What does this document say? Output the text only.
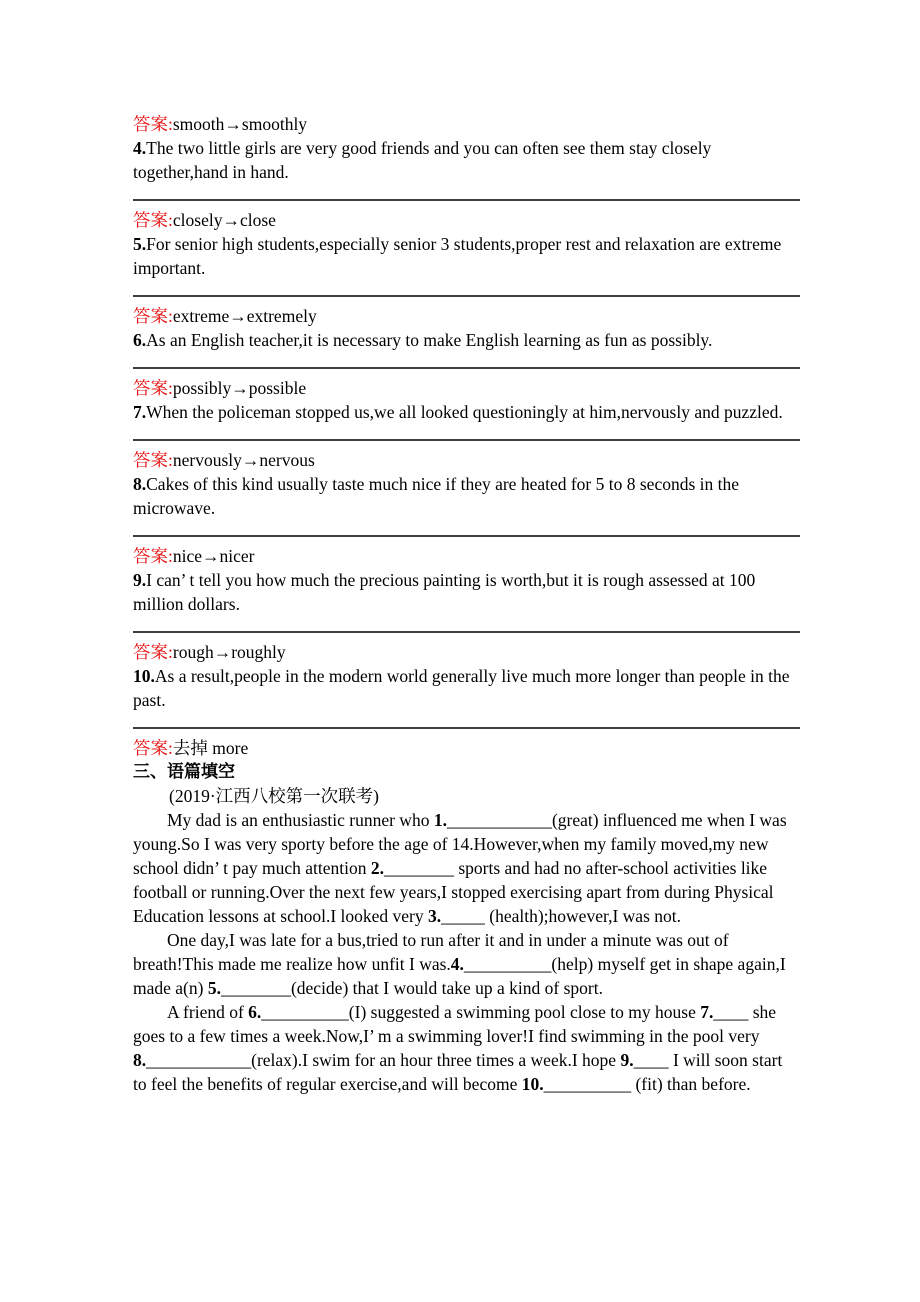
答案:smooth→smoothly

4.The two little girls are very good friends and you can often see them stay closely together,hand in hand.

答案:closely→close

5.For senior high students,especially senior 3 students,proper rest and relaxation are extreme important.

答案:extreme→extremely

6.As an English teacher,it is necessary to make English learning as fun as possibly.

答案:possibly→possible

7.When the policeman stopped us,we all looked questioningly at him,nervously and puzzled.

答案:nervously→nervous

8.Cakes of this kind usually taste much nice if they are heated for 5 to 8 seconds in the microwave.

答案:nice→nicer

9.I can’ t tell you how much the precious painting is worth,but it is rough assessed at 100 million dollars.

答案:rough→roughly

10.As a result,people in the modern world generally live much more longer than people in the past.

答案:去掉 more

三、语篇填空

(2019·江西八校第一次联考)

My dad is an enthusiastic runner who 1.____________(great) influenced me when I was young.So I was very sporty before the age of 14.However,when my family moved,my new school didn’ t pay much attention 2.________ sports and had no after-school activities like football or running.Over the next few years,I stopped exercising apart from during Physical Education lessons at school.I looked very 3._____ (health);however,I was not.

One day,I was late for a bus,tried to run after it and in under a minute was out of breath!This made me realize how unfit I was.4.__________(help) myself get in shape again,I made a(n) 5.________(decide) that I would take up a kind of sport.

A friend of 6.__________(I) suggested a swimming pool close to my house 7.____ she goes to a few times a week.Now,I’ m a swimming lover!I find swimming in the pool very 8.____________(relax).I swim for an hour three times a week.I hope 9.____ I will soon start to feel the benefits of regular exercise,and will become 10.__________ (fit) than before.
